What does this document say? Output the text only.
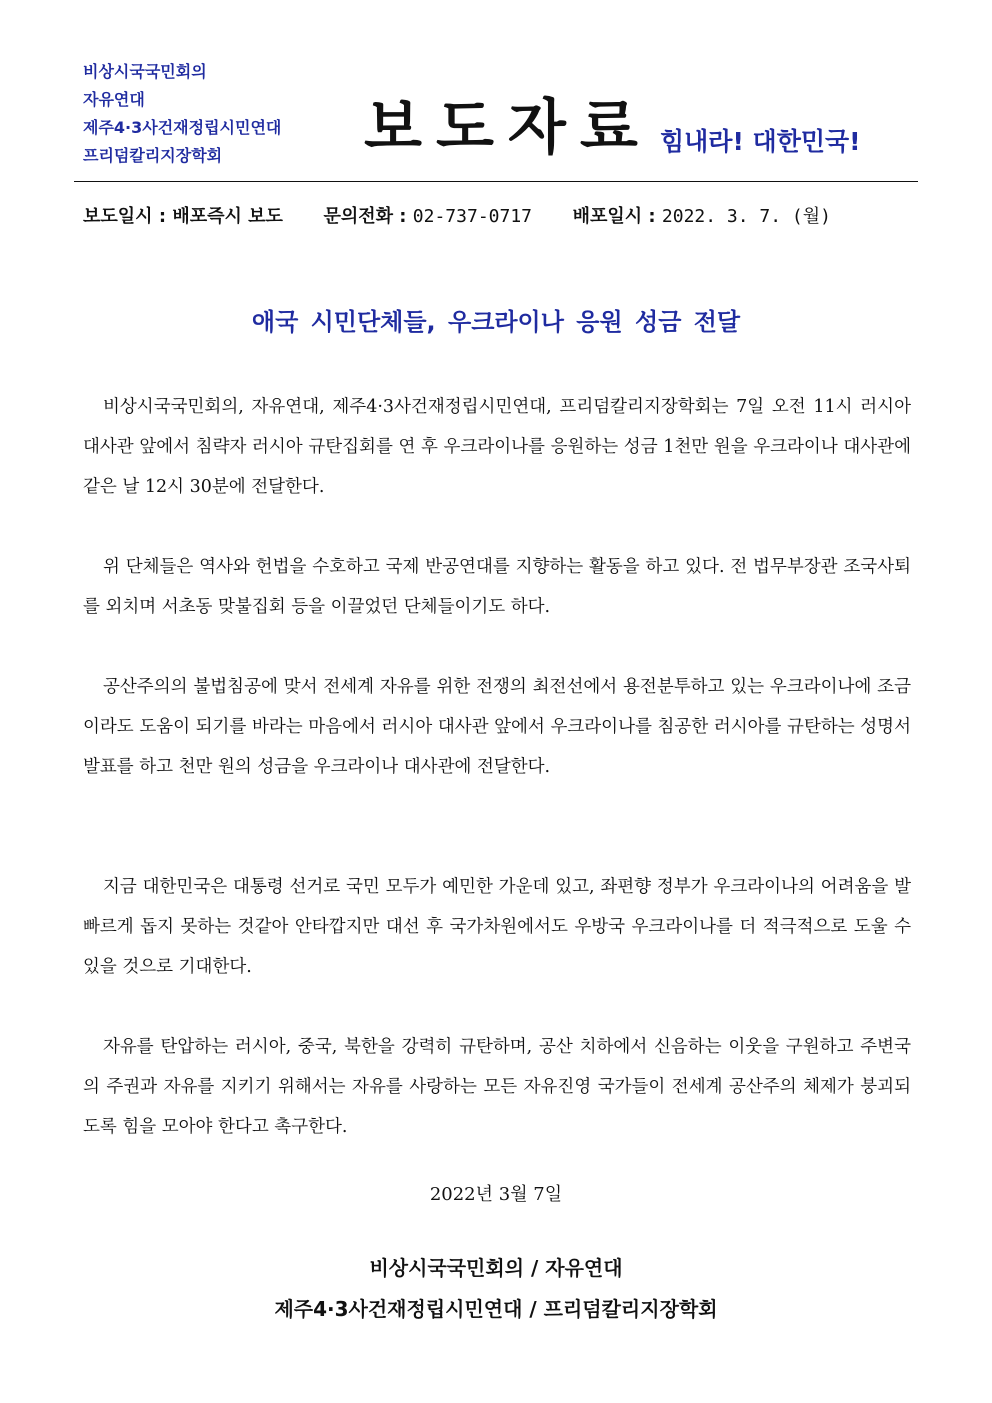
비상시국국민회의
자유연대
제주4·3사건재정립시민연대
프리덤칼리지장학회	보도자료 힘내라! 대한민국!
보도일시 : 배포즉시 보도 문의전화 : 02-737-0717 배포일시 : 2022. 3. 7. (월)
애국 시민단체들, 우크라이나 응원 성금 전달
비상시국국민회의, 자유연대, 제주4·3사건재정립시민연대, 프리덤칼리지장학회는 7일 오전 11시 러시아 대사관 앞에서 침략자 러시아 규탄집회를 연 후 우크라이나를 응원하는 성금 1천만 원을 우크라이나 대사관에 같은 날 12시 30분에 전달한다.
위 단체들은 역사와 헌법을 수호하고 국제 반공연대를 지향하는 활동을 하고 있다. 전 법무부장관 조국사퇴를 외치며 서초동 맞불집회 등을 이끌었던 단체들이기도 하다.
공산주의의 불법침공에 맞서 전세계 자유를 위한 전쟁의 최전선에서 용전분투하고 있는 우크라이나에 조금이라도 도움이 되기를 바라는 마음에서 러시아 대사관 앞에서 우크라이나를 침공한 러시아를 규탄하는 성명서 발표를 하고 천만 원의 성금을 우크라이나 대사관에 전달한다.
지금 대한민국은 대통령 선거로 국민 모두가 예민한 가운데 있고, 좌편향 정부가 우크라이나의 어려움을 발빠르게 돕지 못하는 것같아 안타깝지만 대선 후 국가차원에서도 우방국 우크라이나를 더 적극적으로 도울 수 있을 것으로 기대한다.
자유를 탄압하는 러시아, 중국, 북한을 강력히 규탄하며, 공산 치하에서 신음하는 이웃을 구원하고 주변국의 주권과 자유를 지키기 위해서는 자유를 사랑하는 모든 자유진영 국가들이 전세계 공산주의 체제가 붕괴되도록 힘을 모아야 한다고 촉구한다.
2022년 3월 7일
비상시국국민회의 / 자유연대
제주4·3사건재정립시민연대 / 프리덤칼리지장학회
